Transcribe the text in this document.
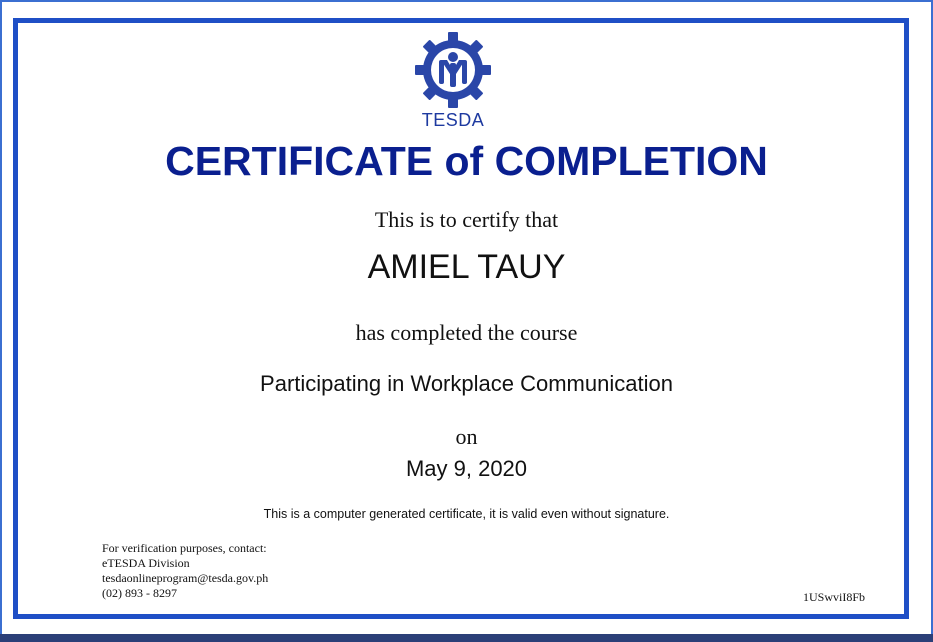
TESDA
CERTIFICATE of COMPLETION
This is to certify that
AMIEL TAUY
has completed the course
Participating in Workplace Communication
on
May 9, 2020
This is a computer generated certificate, it is valid even without signature.
For verification purposes, contact:
eTESDA Division
tesdaonlineprogram@tesda.gov.ph
(02) 893 - 8297	1USwviI8Fb
